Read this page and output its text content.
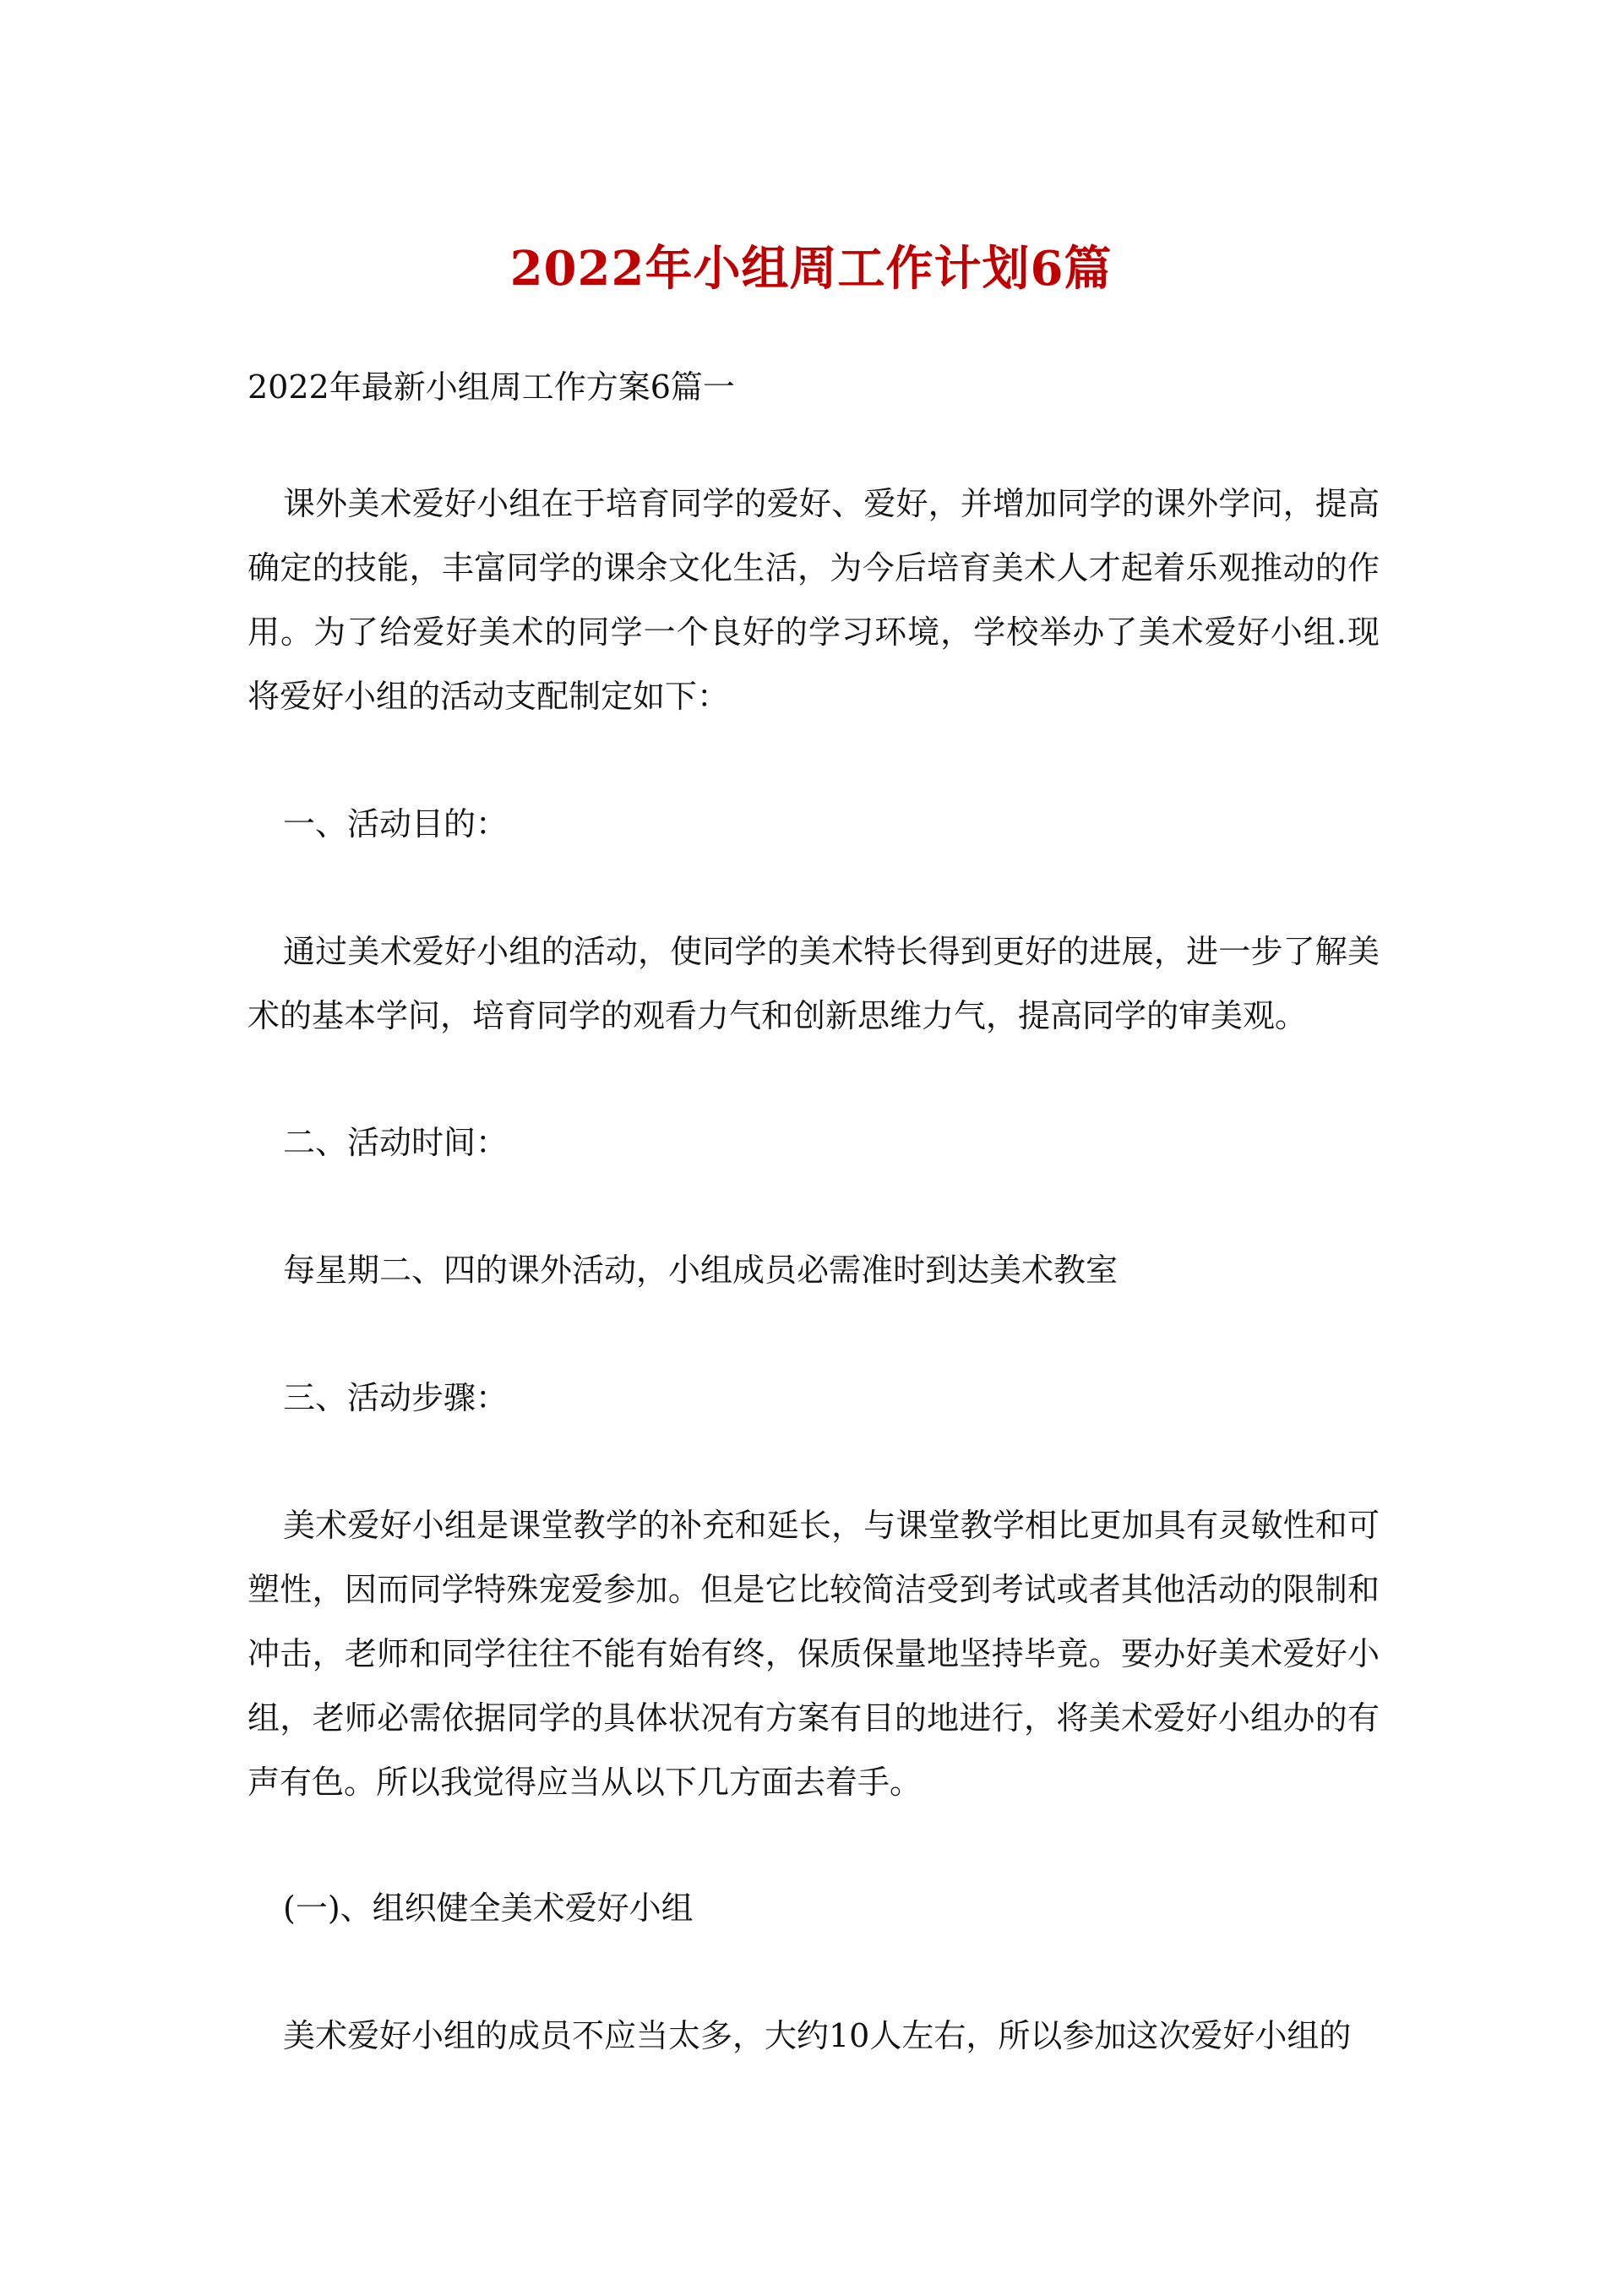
2022年小组周工作计划6篇

2022年最新小组周工作方案6篇一

课外美术爱好小组在于培育同学的爱好、爱好，并增加同学的课外学问，提高确定的技能，丰富同学的课余文化生活，为今后培育美术人才起着乐观推动的作用。为了给爱好美术的同学一个良好的学习环境，学校举办了美术爱好小组.现将爱好小组的活动支配制定如下：

一、活动目的：

通过美术爱好小组的活动，使同学的美术特长得到更好的进展，进一步了解美术的基本学问，培育同学的观看力气和创新思维力气，提高同学的审美观。

二、活动时间：

每星期二、四的课外活动，小组成员必需准时到达美术教室

三、活动步骤：

美术爱好小组是课堂教学的补充和延长，与课堂教学相比更加具有灵敏性和可塑性，因而同学特殊宠爱参加。但是它比较简洁受到考试或者其他活动的限制和冲击，老师和同学往往不能有始有终，保质保量地坚持毕竟。要办好美术爱好小组，老师必需依据同学的具体状况有方案有目的地进行，将美术爱好小组办的有声有色。所以我觉得应当从以下几方面去着手。

(一)、组织健全美术爱好小组

美术爱好小组的成员不应当太多，大约10人左右，所以参加这次爱好小组的
